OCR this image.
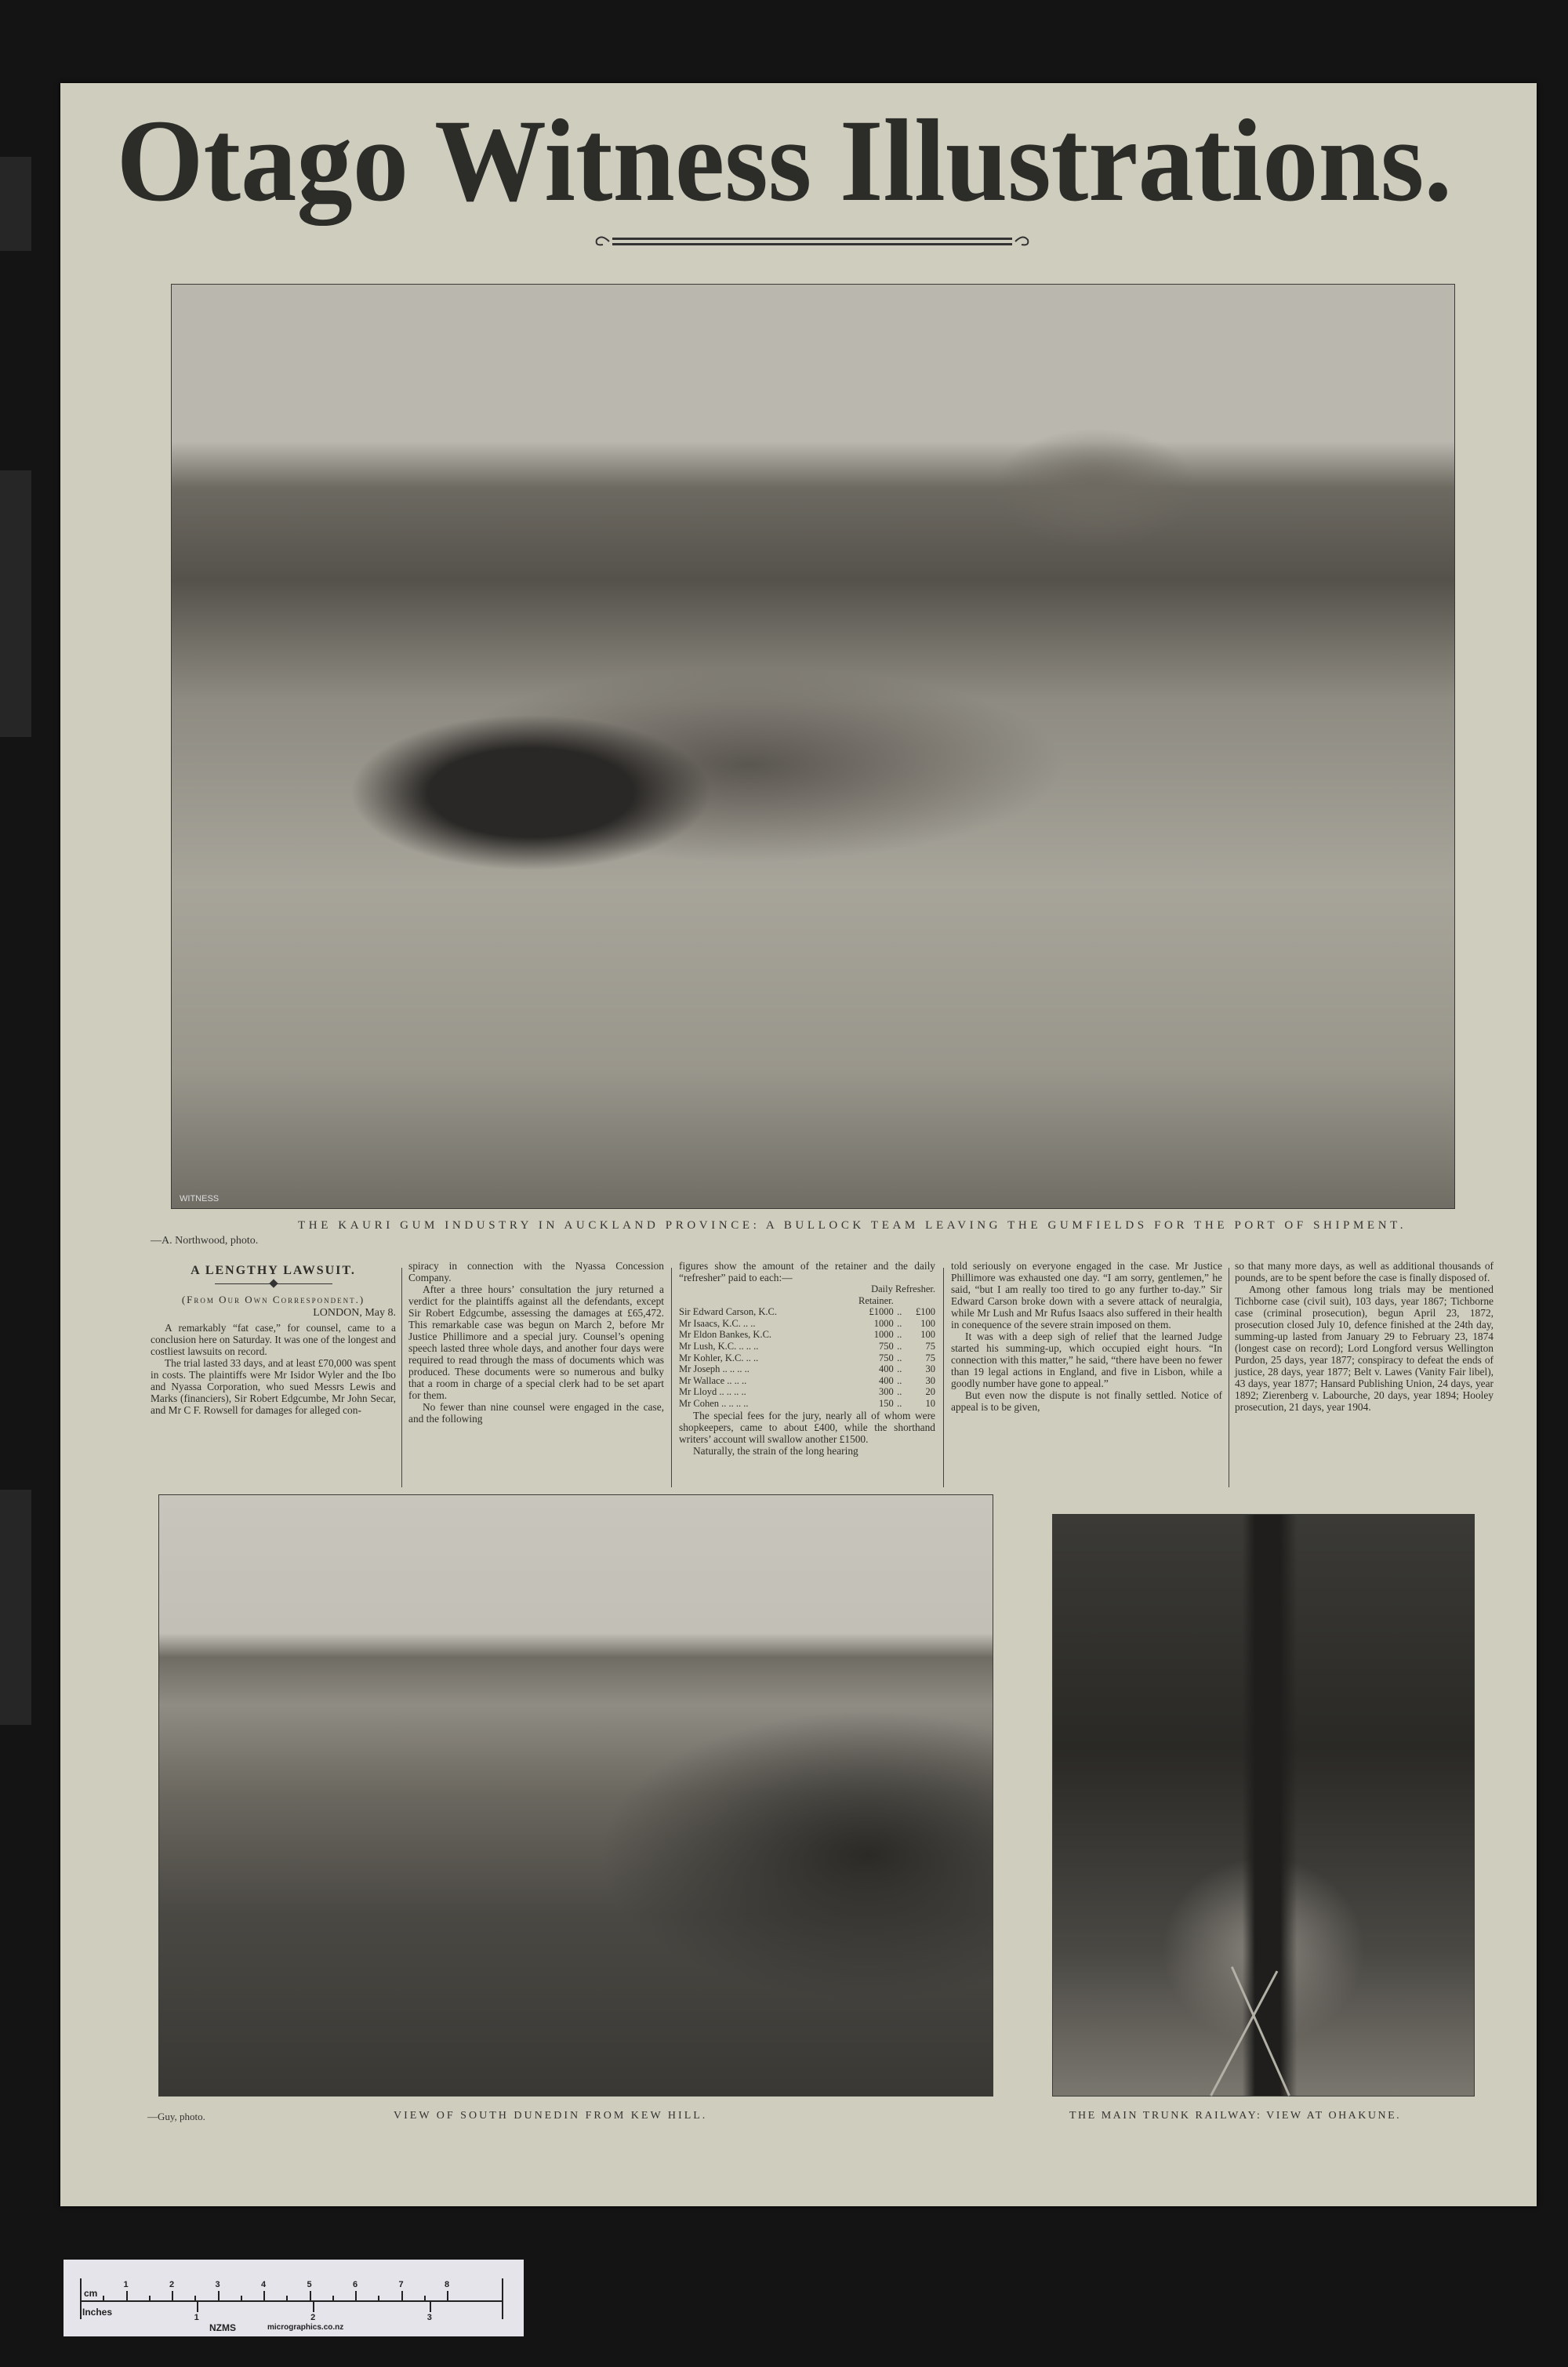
Otago Witness Illustrations.
WITNESS
—A. Northwood, photo.
THE KAURI GUM INDUSTRY IN AUCKLAND PROVINCE: A BULLOCK TEAM LEAVING THE GUMFIELDS FOR THE PORT OF SHIPMENT.
A LENGTHY LAWSUIT.
(From Our Own Correspondent.)
LONDON, May 8.

A remarkably “fat case,” for counsel, came to a conclusion here on Saturday. It was one of the longest and costliest lawsuits on record.

The trial lasted 33 days, and at least £70,000 was spent in costs. The plaintiffs were Mr Isidor Wyler and the Ibo and Nyassa Corporation, who sued Messrs Lewis and Marks (financiers), Sir Robert Edgcumbe, Mr John Secar, and Mr C F. Rowsell for damages for alleged con-

spiracy in connection with the Nyassa Concession Company.

After a three hours’ consultation the jury returned a verdict for the plaintiffs against all the defendants, except Sir Robert Edgcumbe, assessing the damages at £65,472. This remarkable case was begun on March 2, before Mr Justice Phillimore and a special jury. Counsel’s opening speech lasted three whole days, and another four days were required to read through the mass of documents which was produced. These documents were so numerous and bulky that a room in charge of a special clerk had to be set apart for them.

No fewer than nine counsel were engaged in the case, and the following

figures show the amount of the retainer and the daily “refresher” paid to each:—

	Daily Refresher.		
	Retainer.		
Sir Edward Carson, K.C.	£1000	..	£100
Mr Isaacs, K.C. .. ..	1000	..	100
Mr Eldon Bankes, K.C.	1000	..	100
Mr Lush, K.C. .. .. ..	750	..	75
Mr Kohler, K.C. .. ..	750	..	75
Mr Joseph .. .. .. ..	400	..	30
Mr Wallace .. .. ..	400	..	30
Mr Lloyd .. .. .. ..	300	..	20
Mr Cohen .. .. .. ..	150	..	10

The special fees for the jury, nearly all of whom were shopkeepers, came to about £400, while the shorthand writers’ account will swallow another £1500.

Naturally, the strain of the long hearing

told seriously on everyone engaged in the case. Mr Justice Phillimore was exhausted one day. “I am sorry, gentlemen,” he said, “but I am really too tired to go any further to-day.” Sir Edward Carson broke down with a severe attack of neuralgia, while Mr Lush and Mr Rufus Isaacs also suffered in their health in conequence of the severe strain imposed on them.

It was with a deep sigh of relief that the learned Judge started his summing-up, which occupied eight hours. “In connection with this matter,” he said, “there have been no fewer than 19 legal actions in England, and five in Lisbon, while a goodly number have gone to appeal.”

But even now the dispute is not finally settled. Notice of appeal is to be given,

so that many more days, as well as additional thousands of pounds, are to be spent before the case is finally disposed of.

Among other famous long trials may be mentioned Tichborne case (civil suit), 103 days, year 1867; Tichborne case (criminal prosecution), begun April 23, 1872, prosecution closed July 10, defence finished at the 24th day, summing-up lasted from January 29 to February 23, 1874 (longest case on record); Lord Longford versus Wellington Purdon, 25 days, year 1877; conspiracy to defeat the ends of justice, 28 days, year 1877; Belt v. Lawes (Vanity Fair libel), 43 days, year 1877; Hansard Publishing Union, 24 days, year 1892; Zierenberg v. Labourche, 20 days, year 1894; Hooley prosecution, 21 days, year 1904.

—Guy, photo.	VIEW OF SOUTH DUNEDIN FROM KEW HILL.	THE MAIN TRUNK RAILWAY: VIEW AT OHAKUNE.
cm
Inches
1	2	3	4	5	6	7	8
1	2	3
NZMS	micrographics.co.nz
